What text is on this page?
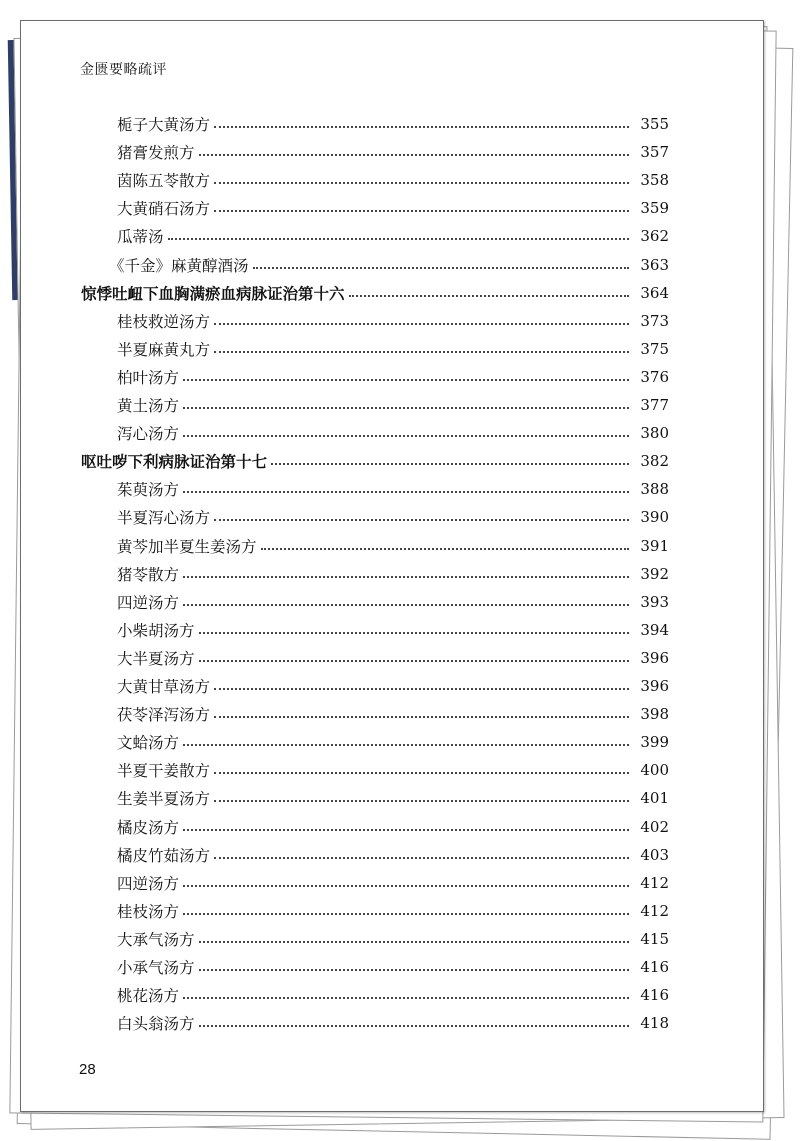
金匮要略疏评
栀子大黄汤方	355
猪膏发煎方	357
茵陈五苓散方	358
大黄硝石汤方	359
瓜蒂汤	362
《千金》麻黄醇酒汤	363
惊悸吐衄下血胸满瘀血病脉证治第十六	364
桂枝救逆汤方	373
半夏麻黄丸方	375
柏叶汤方	376
黄土汤方	377
泻心汤方	380
呕吐哕下利病脉证治第十七	382
茱萸汤方	388
半夏泻心汤方	390
黄芩加半夏生姜汤方	391
猪苓散方	392
四逆汤方	393
小柴胡汤方	394
大半夏汤方	396
大黄甘草汤方	396
茯苓泽泻汤方	398
文蛤汤方	399
半夏干姜散方	400
生姜半夏汤方	401
橘皮汤方	402
橘皮竹茹汤方	403
四逆汤方	412
桂枝汤方	412
大承气汤方	415
小承气汤方	416
桃花汤方	416
白头翁汤方	418
28
